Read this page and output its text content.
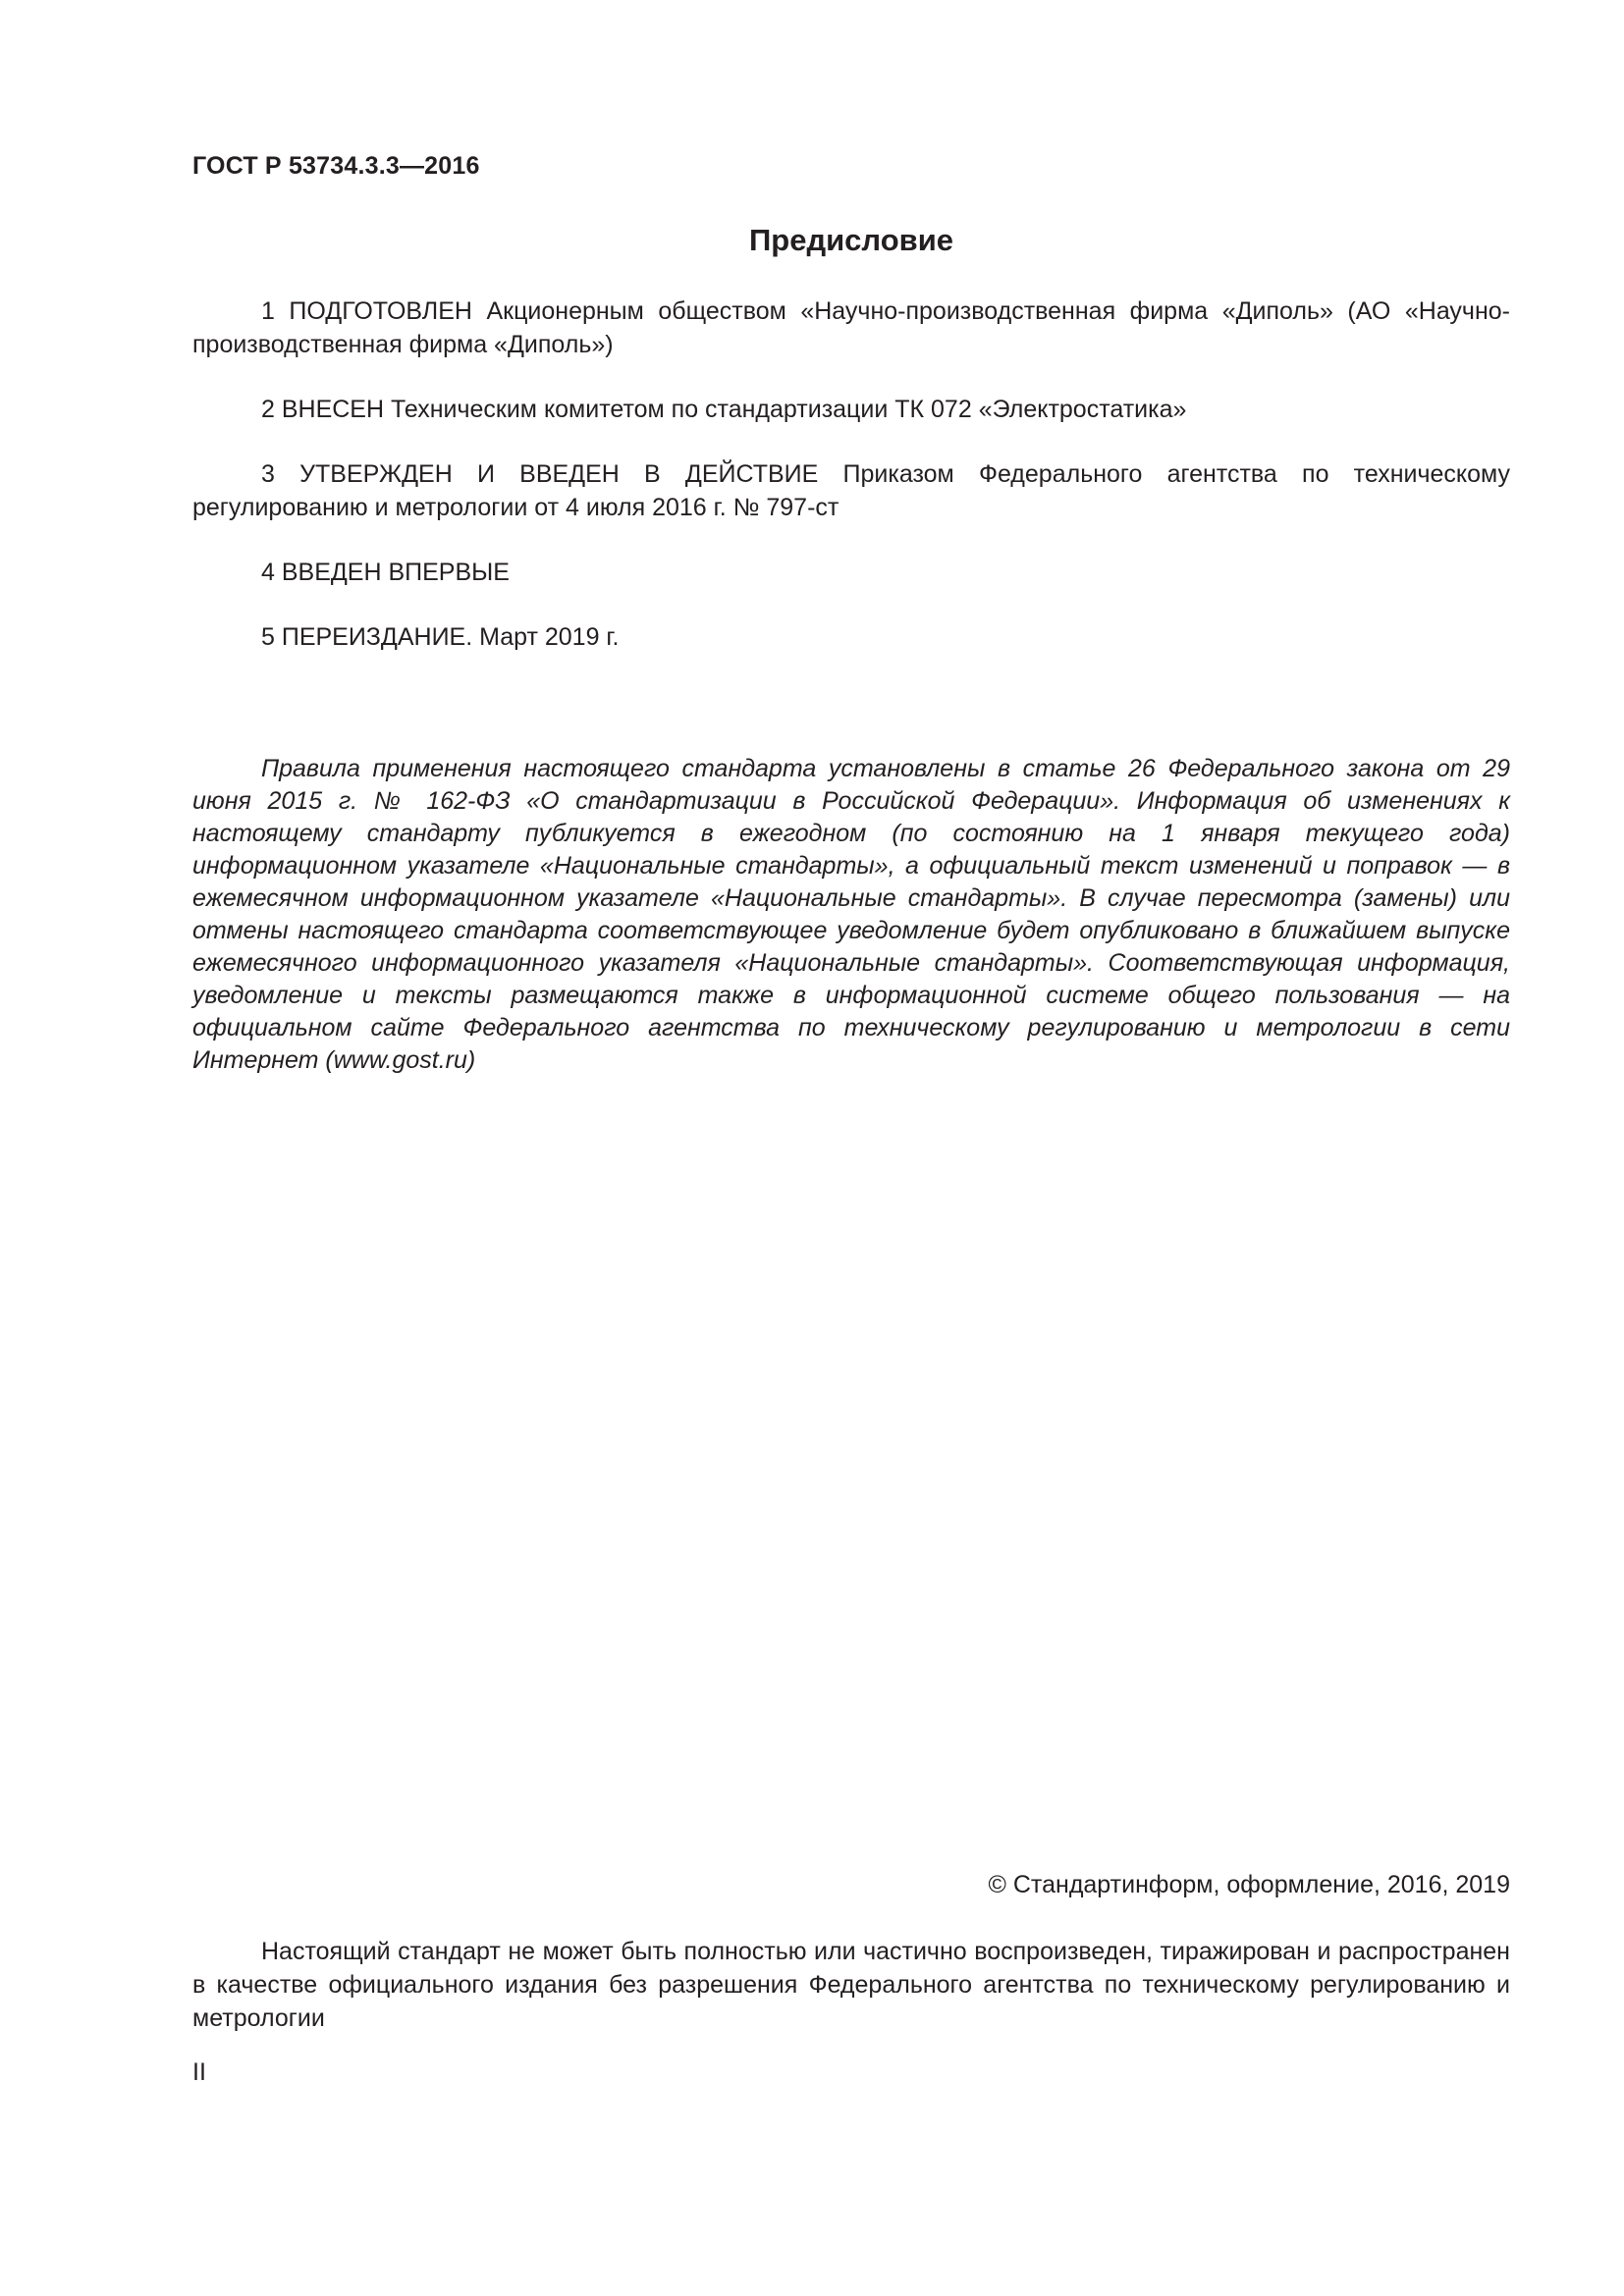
ГОСТ Р 53734.3.3—2016
Предисловие

1 ПОДГОТОВЛЕН Акционерным обществом «Научно-производственная фирма «Диполь» (АО «Научно-производственная фирма «Диполь»)

2 ВНЕСЕН Техническим комитетом по стандартизации ТК 072 «Электростатика»

3 УТВЕРЖДЕН И ВВЕДЕН В ДЕЙСТВИЕ Приказом Федерального агентства по техническому регулированию и метрологии от 4 июля 2016 г. № 797-ст

4 ВВЕДЕН ВПЕРВЫЕ

5 ПЕРЕИЗДАНИЕ. Март 2019 г.

Правила применения настоящего стандарта установлены в статье 26 Федерального закона от 29 июня 2015 г. № 162-ФЗ «О стандартизации в Российской Федерации». Информация об изменениях к настоящему стандарту публикуется в ежегодном (по состоянию на 1 января текущего года) информационном указателе «Национальные стандарты», а официальный текст изменений и поправок — в ежемесячном информационном указателе «Национальные стандарты». В случае пересмотра (замены) или отмены настоящего стандарта соответствующее уведомление будет опубликовано в ближайшем выпуске ежемесячного информационного указателя «Национальные стандарты». Соответствующая информация, уведомление и тексты размещаются также в информационной системе общего пользования — на официальном сайте Федерального агентства по техническому регулированию и метрологии в сети Интернет (www.gost.ru)

© Стандартинформ, оформление, 2016, 2019

Настоящий стандарт не может быть полностью или частично воспроизведен, тиражирован и распространен в качестве официального издания без разрешения Федерального агентства по техническому регулированию и метрологии

II
